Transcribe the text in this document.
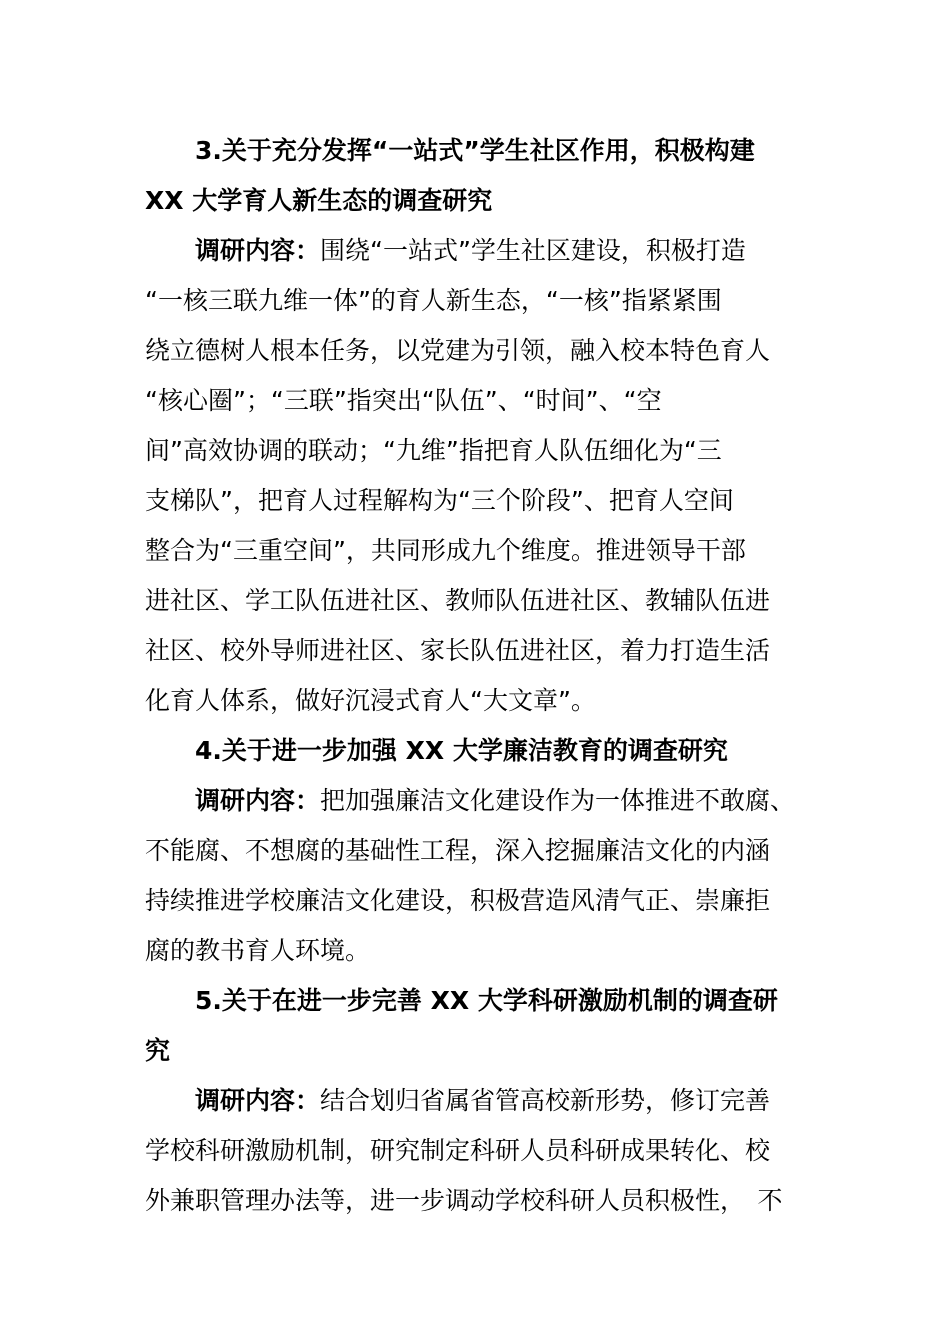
3.关于充分发挥“一站式”学生社区作用，积极构建
XX 大学育人新生态的调查研究
调研内容：围绕“一站式”学生社区建设，积极打造
“一核三联九维一体”的育人新生态，“一核”指紧紧围
绕立德树人根本任务，以党建为引领，融入校本特色育人
“核心圈”；“三联”指突出“队伍”、“时间”、“空
间”高效协调的联动；“九维”指把育人队伍细化为“三
支梯队”，把育人过程解构为“三个阶段”、把育人空间
整合为“三重空间”，共同形成九个维度。推进领导干部
进社区、学工队伍进社区、教师队伍进社区、教辅队伍进
社区、校外导师进社区、家长队伍进社区，着力打造生活
化育人体系，做好沉浸式育人“大文章”。
4.关于进一步加强 XX 大学廉洁教育的调查研究
调研内容：把加强廉洁文化建设作为一体推进不敢腐、
不能腐、不想腐的基础性工程，深入挖掘廉洁文化的内涵
持续推进学校廉洁文化建设，积极营造风清气正、崇廉拒
腐的教书育人环境。
5.关于在进一步完善 XX 大学科研激励机制的调查研
究
调研内容：结合划归省属省管高校新形势，修订完善
学校科研激励机制，研究制定科研人员科研成果转化、校
外兼职管理办法等，进一步调动学校科研人员积极性，　不
